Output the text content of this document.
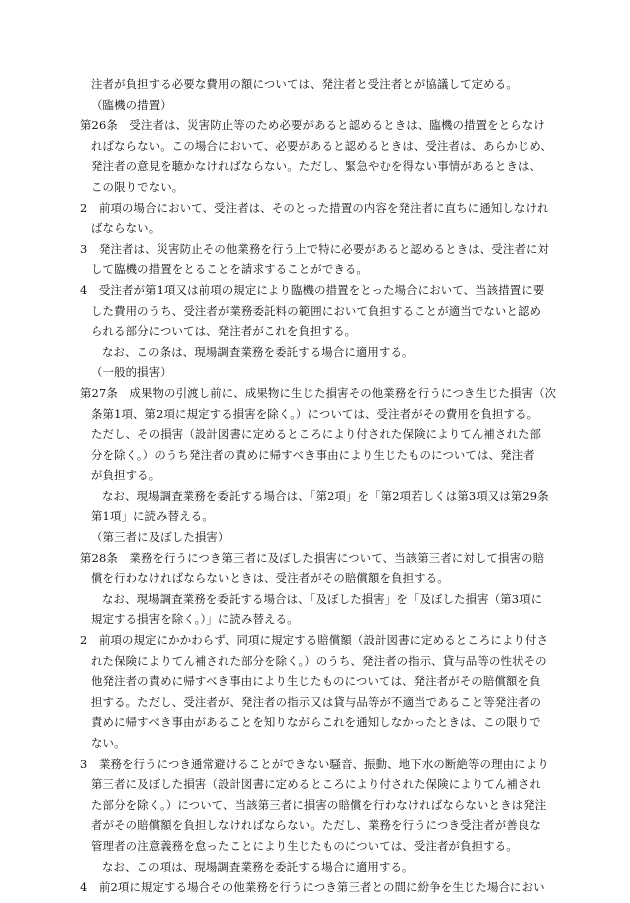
注者が負担する必要な費用の額については、発注者と受注者とが協議して定める。
（臨機の措置）
第26条　受注者は、災害防止等のため必要があると認めるときは、臨機の措置をとらなけ
ればならない。この場合において、必要があると認めるときは、受注者は、あらかじめ、
発注者の意見を聴かなければならない。ただし、緊急やむを得ない事情があるときは、
この限りでない。
2　前項の場合において、受注者は、そのとった措置の内容を発注者に直ちに通知しなけれ
ばならない。
3　発注者は、災害防止その他業務を行う上で特に必要があると認めるときは、受注者に対
して臨機の措置をとることを請求することができる。
4　受注者が第1項又は前項の規定により臨機の措置をとった場合において、当該措置に要
した費用のうち、受注者が業務委託料の範囲において負担することが適当でないと認め
られる部分については、発注者がこれを負担する。
なお、この条は、現場調査業務を委託する場合に適用する。
（一般的損害）
第27条　成果物の引渡し前に、成果物に生じた損害その他業務を行うにつき生じた損害（次
条第1項、第2項に規定する損害を除く。）については、受注者がその費用を負担する。
ただし、その損害（設計図書に定めるところにより付された保険によりてん補された部
分を除く。）のうち発注者の責めに帰すべき事由により生じたものについては、発注者
が負担する。
なお、現場調査業務を委託する場合は、「第2項」を「第2項若しくは第3項又は第29条
第1項」に読み替える。
（第三者に及ぼした損害）
第28条　業務を行うにつき第三者に及ぼした損害について、当該第三者に対して損害の賠
償を行わなければならないときは、受注者がその賠償額を負担する。
なお、現場調査業務を委託する場合は、「及ぼした損害」を「及ぼした損害（第3項に
規定する損害を除く。）」に読み替える。
2　前項の規定にかかわらず、同項に規定する賠償額（設計図書に定めるところにより付さ
れた保険によりてん補された部分を除く。）のうち、発注者の指示、貸与品等の性状その
他発注者の責めに帰すべき事由により生じたものについては、発注者がその賠償額を負
担する。ただし、受注者が、発注者の指示又は貸与品等が不適当であること等発注者の
責めに帰すべき事由があることを知りながらこれを通知しなかったときは、この限りで
ない。
3　業務を行うにつき通常避けることができない騒音、振動、地下水の断絶等の理由により
第三者に及ぼした損害（設計図書に定めるところにより付された保険によりてん補され
た部分を除く。）について、当該第三者に損害の賠償を行わなければならないときは発注
者がその賠償額を負担しなければならない。ただし、業務を行うにつき受注者が善良な
管理者の注意義務を怠ったことにより生じたものについては、受注者が負担する。
なお、この項は、現場調査業務を委託する場合に適用する。
4　前2項に規定する場合その他業務を行うにつき第三者との間に紛争を生じた場合におい
